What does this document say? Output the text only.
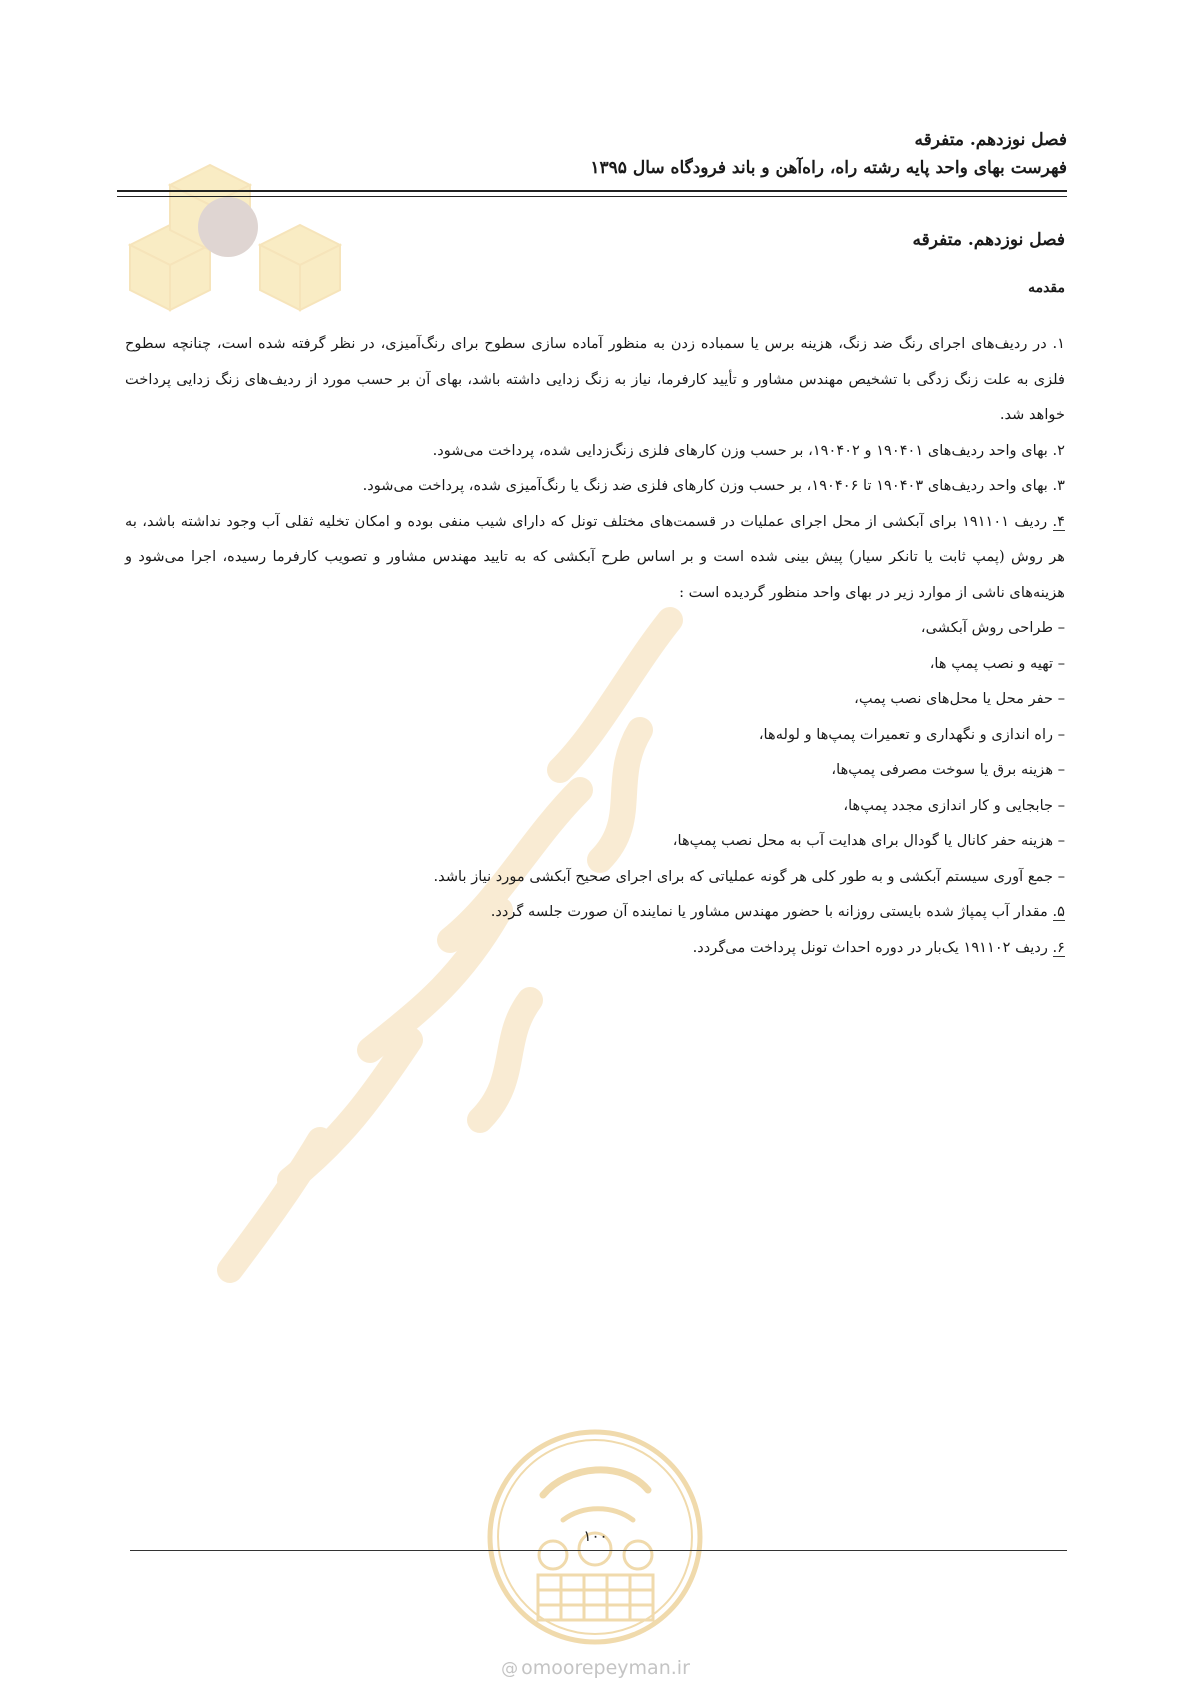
فصل نوزدهم. متفرقه
فهرست بهای واحد پایه رشته راه، راه‌آهن و باند فرودگاه سال ۱۳۹۵
فصل نوزدهم. متفرقه
مقدمه

۱. در ردیف‌های اجرای رنگ ضد زنگ، هزینه برس یا سمباده زدن به منظور آماده سازی سطوح برای رنگ‌آمیزی، در نظر گرفته شده است، چنانچه سطوح فلزی به علت زنگ زدگی با تشخیص مهندس مشاور و تأیید کارفرما، نیاز به زنگ زدایی داشته باشد، بهای آن بر حسب مورد از ردیف‌های زنگ زدایی پرداخت خواهد شد.

۲. بهای واحد ردیف‌های ۱۹۰۴۰۱ و ۱۹۰۴۰۲، بر حسب وزن کارهای فلزی زنگ‌زدایی شده، پرداخت می‌شود.

۳. بهای واحد ردیف‌های ۱۹۰۴۰۳ تا ۱۹۰۴۰۶، بر حسب وزن کارهای فلزی ضد زنگ یا رنگ‌آمیزی شده، پرداخت می‌شود.

۴. ردیف ۱۹۱۱۰۱ برای آبکشی از محل اجرای عملیات در قسمت‌های مختلف تونل که دارای شیب منفی بوده و امکان تخلیه ثقلی آب وجود نداشته باشد، به هر روش (پمپ ثابت یا تانکر سیار) پیش بینی شده است و بر اساس طرح آبکشی که به تایید مهندس مشاور و تصویب کارفرما رسیده، اجرا می‌شود و هزینه‌های ناشی از موارد زیر در بهای واحد منظور گردیده است :

– طراحی روش آبکشی،
– تهیه و نصب پمپ ها،
– حفر محل یا محل‌های نصب پمپ،
– راه اندازی و نگهداری و تعمیرات پمپ‌ها و لوله‌ها،
– هزینه برق یا سوخت مصرفی پمپ‌ها،
– جابجایی و کار اندازی مجدد پمپ‌ها،
– هزینه حفر کانال یا گودال برای هدایت آب به محل نصب پمپ‌ها،
– جمع آوری سیستم آبکشی و به طور کلی هر گونه عملیاتی که برای اجرای صحیح آبکشی مورد نیاز باشد.

۵. مقدار آب پمپاژ شده بایستی روزانه با حضور مهندس مشاور یا نماینده آن صورت جلسه گردد.

۶. ردیف ۱۹۱۱۰۲ یک‌بار در دوره احداث تونل پرداخت می‌گردد.

۱۰۰
@ omoorepeyman.ir
